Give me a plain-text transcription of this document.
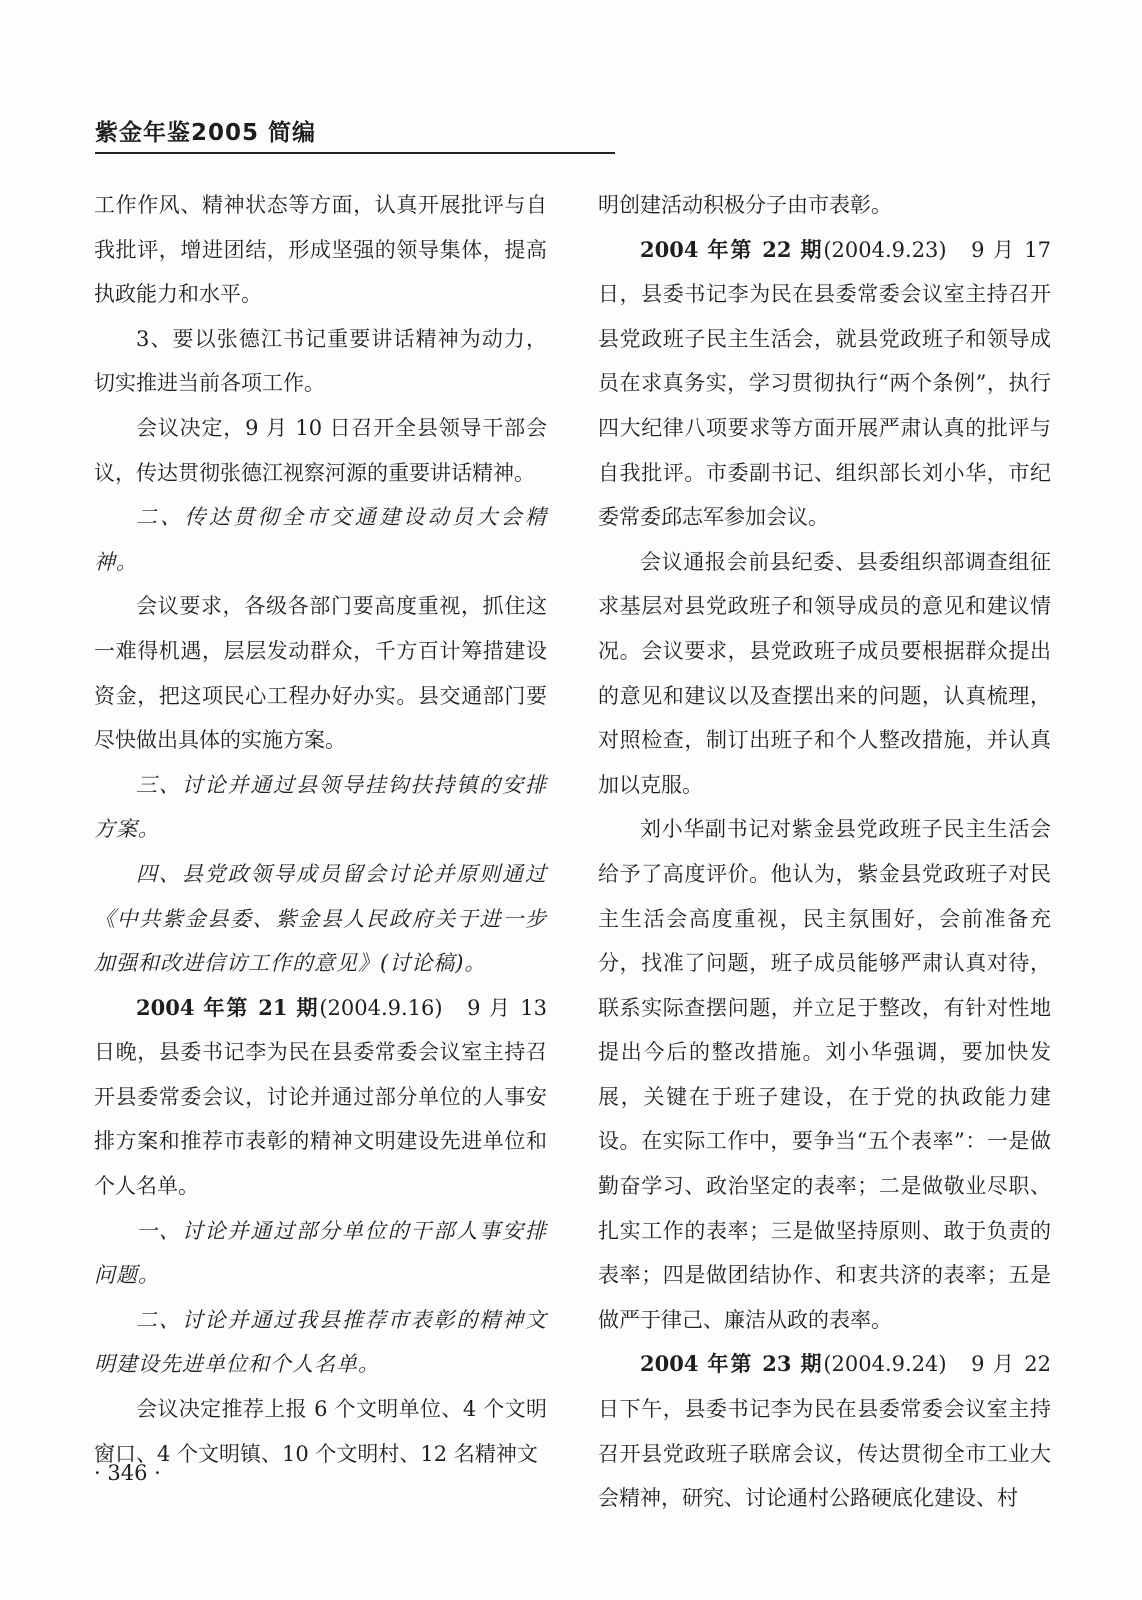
紫金年鉴2005 简编

工作作风、精神状态等方面，认真开展批评与自我批评，增进团结，形成坚强的领导集体，提高执政能力和水平。

3、要以张德江书记重要讲话精神为动力，切实推进当前各项工作。

会议决定，9 月 10 日召开全县领导干部会议，传达贯彻张德江视察河源的重要讲话精神。

二、传达贯彻全市交通建设动员大会精神。

会议要求，各级各部门要高度重视，抓住这一难得机遇，层层发动群众，千方百计筹措建设资金，把这项民心工程办好办实。县交通部门要尽快做出具体的实施方案。

三、讨论并通过县领导挂钩扶持镇的安排方案。

四、县党政领导成员留会讨论并原则通过《中共紫金县委、紫金县人民政府关于进一步加强和改进信访工作的意见》(讨论稿)。

2004 年第 21 期(2004.9.16)　9 月 13 日晚，县委书记李为民在县委常委会议室主持召开县委常委会议，讨论并通过部分单位的人事安排方案和推荐市表彰的精神文明建设先进单位和个人名单。

一、讨论并通过部分单位的干部人事安排问题。

二、讨论并通过我县推荐市表彰的精神文明建设先进单位和个人名单。

会议决定推荐上报 6 个文明单位、4 个文明窗口、4 个文明镇、10 个文明村、12 名精神文

明创建活动积极分子由市表彰。

2004 年第 22 期(2004.9.23)　9 月 17 日，县委书记李为民在县委常委会议室主持召开县党政班子民主生活会，就县党政班子和领导成员在求真务实，学习贯彻执行“两个条例”，执行四大纪律八项要求等方面开展严肃认真的批评与自我批评。市委副书记、组织部长刘小华，市纪委常委邱志军参加会议。

会议通报会前县纪委、县委组织部调查组征求基层对县党政班子和领导成员的意见和建议情况。会议要求，县党政班子成员要根据群众提出的意见和建议以及查摆出来的问题，认真梳理，对照检查，制订出班子和个人整改措施，并认真加以克服。

刘小华副书记对紫金县党政班子民主生活会给予了高度评价。他认为，紫金县党政班子对民主生活会高度重视，民主氛围好，会前准备充分，找准了问题，班子成员能够严肃认真对待，联系实际查摆问题，并立足于整改，有针对性地提出今后的整改措施。刘小华强调，要加快发展，关键在于班子建设，在于党的执政能力建设。在实际工作中，要争当“五个表率”：一是做勤奋学习、政治坚定的表率；二是做敬业尽职、扎实工作的表率；三是做坚持原则、敢于负责的表率；四是做团结协作、和衷共济的表率；五是做严于律己、廉洁从政的表率。

2004 年第 23 期(2004.9.24)　9 月 22 日下午，县委书记李为民在县委常委会议室主持召开县党政班子联席会议，传达贯彻全市工业大会精神，研究、讨论通村公路硬底化建设、村

· 346 ·
